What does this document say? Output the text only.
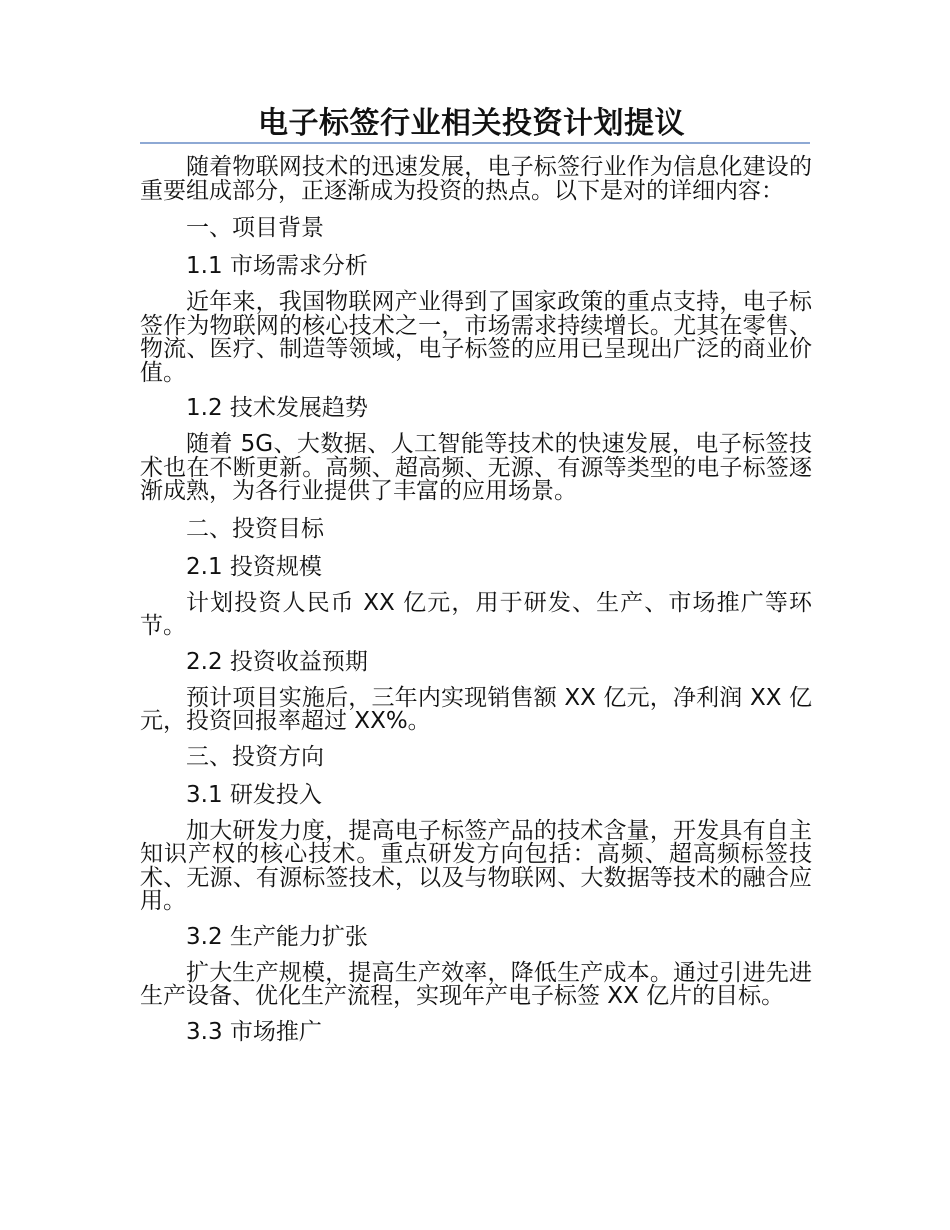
电子标签行业相关投资计划提议

随着物联网技术的迅速发展，电子标签行业作为信息化建设的重要组成部分，正逐渐成为投资的热点。以下是对的详细内容：

一、项目背景

1.1 市场需求分析

近年来，我国物联网产业得到了国家政策的重点支持，电子标签作为物联网的核心技术之一，市场需求持续增长。尤其在零售、物流、医疗、制造等领域，电子标签的应用已呈现出广泛的商业价值。

1.2 技术发展趋势

随着 5G、大数据、人工智能等技术的快速发展，电子标签技术也在不断更新。高频、超高频、无源、有源等类型的电子标签逐渐成熟，为各行业提供了丰富的应用场景。

二、投资目标

2.1 投资规模

计划投资人民币 XX 亿元，用于研发、生产、市场推广等环节。

2.2 投资收益预期

预计项目实施后，三年内实现销售额 XX 亿元，净利润 XX 亿元，投资回报率超过 XX%。

三、投资方向

3.1 研发投入

加大研发力度，提高电子标签产品的技术含量，开发具有自主知识产权的核心技术。重点研发方向包括：高频、超高频标签技术、无源、有源标签技术，以及与物联网、大数据等技术的融合应用。

3.2 生产能力扩张

扩大生产规模，提高生产效率，降低生产成本。通过引进先进生产设备、优化生产流程，实现年产电子标签 XX 亿片的目标。

3.3 市场推广
